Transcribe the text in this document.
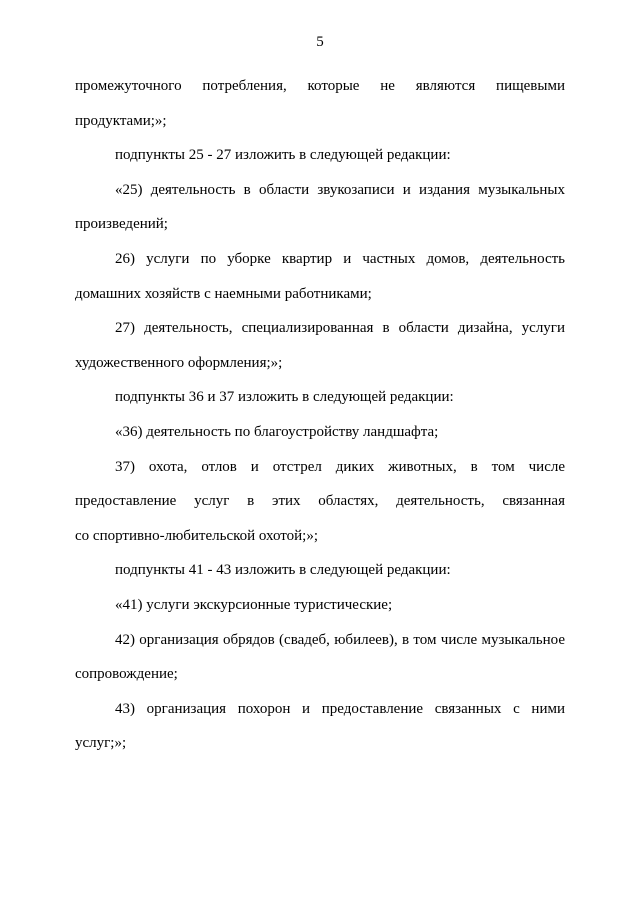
5

промежуточного потребления, которые не являются пищевыми

продуктами;»;

подпункты 25 - 27 изложить в следующей редакции:

«25) деятельность в области звукозаписи и издания музыкальных

произведений;

26) услуги по уборке квартир и частных домов, деятельность

домашних хозяйств с наемными работниками;

27) деятельность, специализированная в области дизайна, услуги

художественного оформления;»;

подпункты 36 и 37 изложить в следующей редакции:

«36) деятельность по благоустройству ландшафта;

37) охота, отлов и отстрел диких животных, в том числе

предоставление услуг в этих областях, деятельность, связанная

со спортивно-любительской охотой;»;

подпункты 41 - 43 изложить в следующей редакции:

«41) услуги экскурсионные туристические;

42) организация обрядов (свадеб, юбилеев), в том числе музыкальное

сопровождение;

43) организация похорон и предоставление связанных с ними

услуг;»;
